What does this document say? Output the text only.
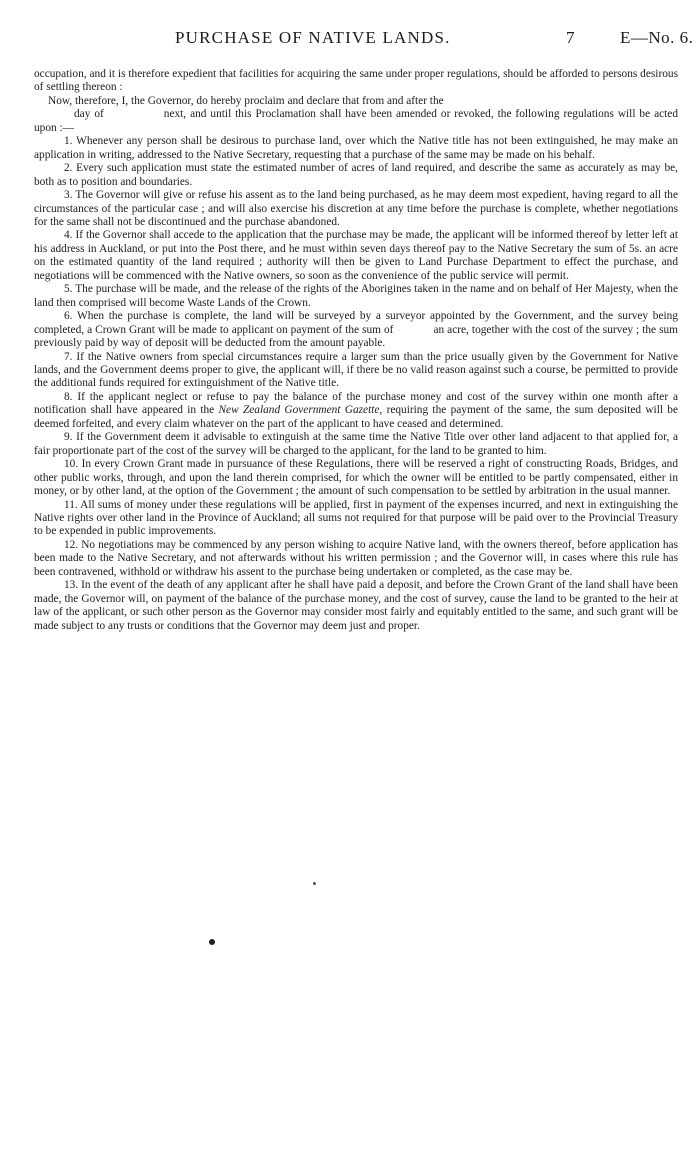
PURCHASE OF NATIVE LANDS.	7	E—No. 6.

occupation, and it is therefore expedient that facilities for acquiring the same under proper regulations, should be afforded to persons desirous of settling thereon :

Now, therefore, I, the Governor, do hereby proclaim and declare that from and after the
day of	next, and until this Proclamation shall have been amended or revoked, the following regulations will be acted upon :—

1. Whenever any person shall be desirous to purchase land, over which the Native title has not been extinguished, he may make an application in writing, addressed to the Native Secretary, requesting that a purchase of the same may be made on his behalf.

2. Every such application must state the estimated number of acres of land required, and describe the same as accurately as may be, both as to position and boundaries.

3. The Governor will give or refuse his assent as to the land being purchased, as he may deem most expedient, having regard to all the circumstances of the particular case ; and will also exercise his discretion at any time before the purchase is complete, whether negotiations for the same shall not be discontinued and the purchase abandoned.

4. If the Governor shall accede to the application that the purchase may be made, the applicant will be informed thereof by letter left at his address in Auckland, or put into the Post there, and he must within seven days thereof pay to the Native Secretary the sum of 5s. an acre on the estimated quantity of the land required ; authority will then be given to Land Purchase Department to effect the purchase, and negotiations will be commenced with the Native owners, so soon as the convenience of the public service will permit.

5. The purchase will be made, and the release of the rights of the Aborigines taken in the name and on behalf of Her Majesty, when the land then comprised will become Waste Lands of the Crown.

6. When the purchase is complete, the land will be surveyed by a surveyor appointed by the Government, and the survey being completed, a Crown Grant will be made to applicant on payment of the sum of	an acre, together with the cost of the survey ; the sum previously paid by way of deposit will be deducted from the amount payable.

7. If the Native owners from special circumstances require a larger sum than the price usually given by the Government for Native lands, and the Government deems proper to give, the applicant will, if there be no valid reason against such a course, be permitted to provide the additional funds required for extinguishment of the Native title.

8. If the applicant neglect or refuse to pay the balance of the purchase money and cost of the survey within one month after a notification shall have appeared in the New Zealand Government Gazette, requiring the payment of the same, the sum deposited will be deemed forfeited, and every claim whatever on the part of the applicant to have ceased and determined.

9. If the Government deem it advisable to extinguish at the same time the Native Title over other land adjacent to that applied for, a fair proportionate part of the cost of the survey will be charged to the applicant, for the land to be granted to him.

10. In every Crown Grant made in pursuance of these Regulations, there will be reserved a right of constructing Roads, Bridges, and other public works, through, and upon the land therein comprised, for which the owner will be entitled to be partly compensated, either in money, or by other land, at the option of the Government ; the amount of such compensation to be settled by arbitration in the usual manner.

11. All sums of money under these regulations will be applied, first in payment of the expenses incurred, and next in extinguishing the Native rights over other land in the Province of Auckland; all sums not required for that purpose will be paid over to the Provincial Treasury to be expended in public improvements.

12. No negotiations may be commenced by any person wishing to acquire Native land, with the owners thereof, before application has been made to the Native Secretary, and not afterwards without his written permission ; and the Governor will, in cases where this rule has been contravened, withhold or withdraw his assent to the purchase being undertaken or completed, as the case may be.

13. In the event of the death of any applicant after he shall have paid a deposit, and before the Crown Grant of the land shall have been made, the Governor will, on payment of the balance of the purchase money, and the cost of survey, cause the land to be granted to the heir at law of the applicant, or such other person as the Governor may consider most fairly and equitably entitled to the same, and such grant will be made subject to any trusts or conditions that the Governor may deem just and proper.
